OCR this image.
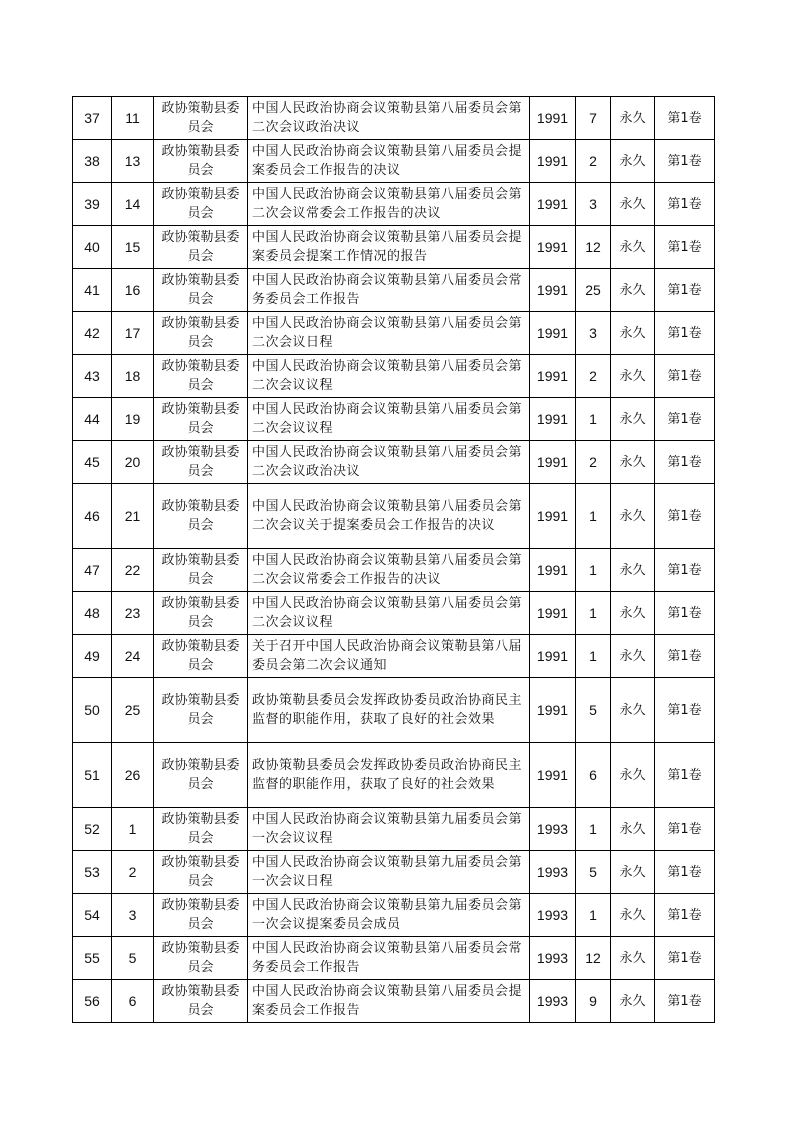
37	11	政协策勒县委员会	中国人民政治协商会议策勒县第八届委员会第二次会议政治决议	1991	7	永久	第1卷
38	13	政协策勒县委员会	中国人民政治协商会议策勒县第八届委员会提案委员会工作报告的决议	1991	2	永久	第1卷
39	14	政协策勒县委员会	中国人民政治协商会议策勒县第八届委员会第二次会议常委会工作报告的决议	1991	3	永久	第1卷
40	15	政协策勒县委员会	中国人民政治协商会议策勒县第八届委员会提案委员会提案工作情况的报告	1991	12	永久	第1卷
41	16	政协策勒县委员会	中国人民政治协商会议策勒县第八届委员会常务委员会工作报告	1991	25	永久	第1卷
42	17	政协策勒县委员会	中国人民政治协商会议策勒县第八届委员会第二次会议日程	1991	3	永久	第1卷
43	18	政协策勒县委员会	中国人民政治协商会议策勒县第八届委员会第二次会议议程	1991	2	永久	第1卷
44	19	政协策勒县委员会	中国人民政治协商会议策勒县第八届委员会第二次会议议程	1991	1	永久	第1卷
45	20	政协策勒县委员会	中国人民政治协商会议策勒县第八届委员会第二次会议政治决议	1991	2	永久	第1卷
46	21	政协策勒县委员会	中国人民政治协商会议策勒县第八届委员会第二次会议关于提案委员会工作报告的决议	1991	1	永久	第1卷
47	22	政协策勒县委员会	中国人民政治协商会议策勒县第八届委员会第二次会议常委会工作报告的决议	1991	1	永久	第1卷
48	23	政协策勒县委员会	中国人民政治协商会议策勒县第八届委员会第二次会议议程	1991	1	永久	第1卷
49	24	政协策勒县委员会	关于召开中国人民政治协商会议策勒县第八届委员会第二次会议通知	1991	1	永久	第1卷
50	25	政协策勒县委员会	政协策勒县委员会发挥政协委员政治协商民主监督的职能作用，获取了良好的社会效果	1991	5	永久	第1卷
51	26	政协策勒县委员会	政协策勒县委员会发挥政协委员政治协商民主监督的职能作用，获取了良好的社会效果	1991	6	永久	第1卷
52	1	政协策勒县委员会	中国人民政治协商会议策勒县第九届委员会第一次会议议程	1993	1	永久	第1卷
53	2	政协策勒县委员会	中国人民政治协商会议策勒县第九届委员会第一次会议日程	1993	5	永久	第1卷
54	3	政协策勒县委员会	中国人民政治协商会议策勒县第九届委员会第一次会议提案委员会成员	1993	1	永久	第1卷
55	5	政协策勒县委员会	中国人民政治协商会议策勒县第八届委员会常务委员会工作报告	1993	12	永久	第1卷
56	6	政协策勒县委员会	中国人民政治协商会议策勒县第八届委员会提案委员会工作报告	1993	9	永久	第1卷
